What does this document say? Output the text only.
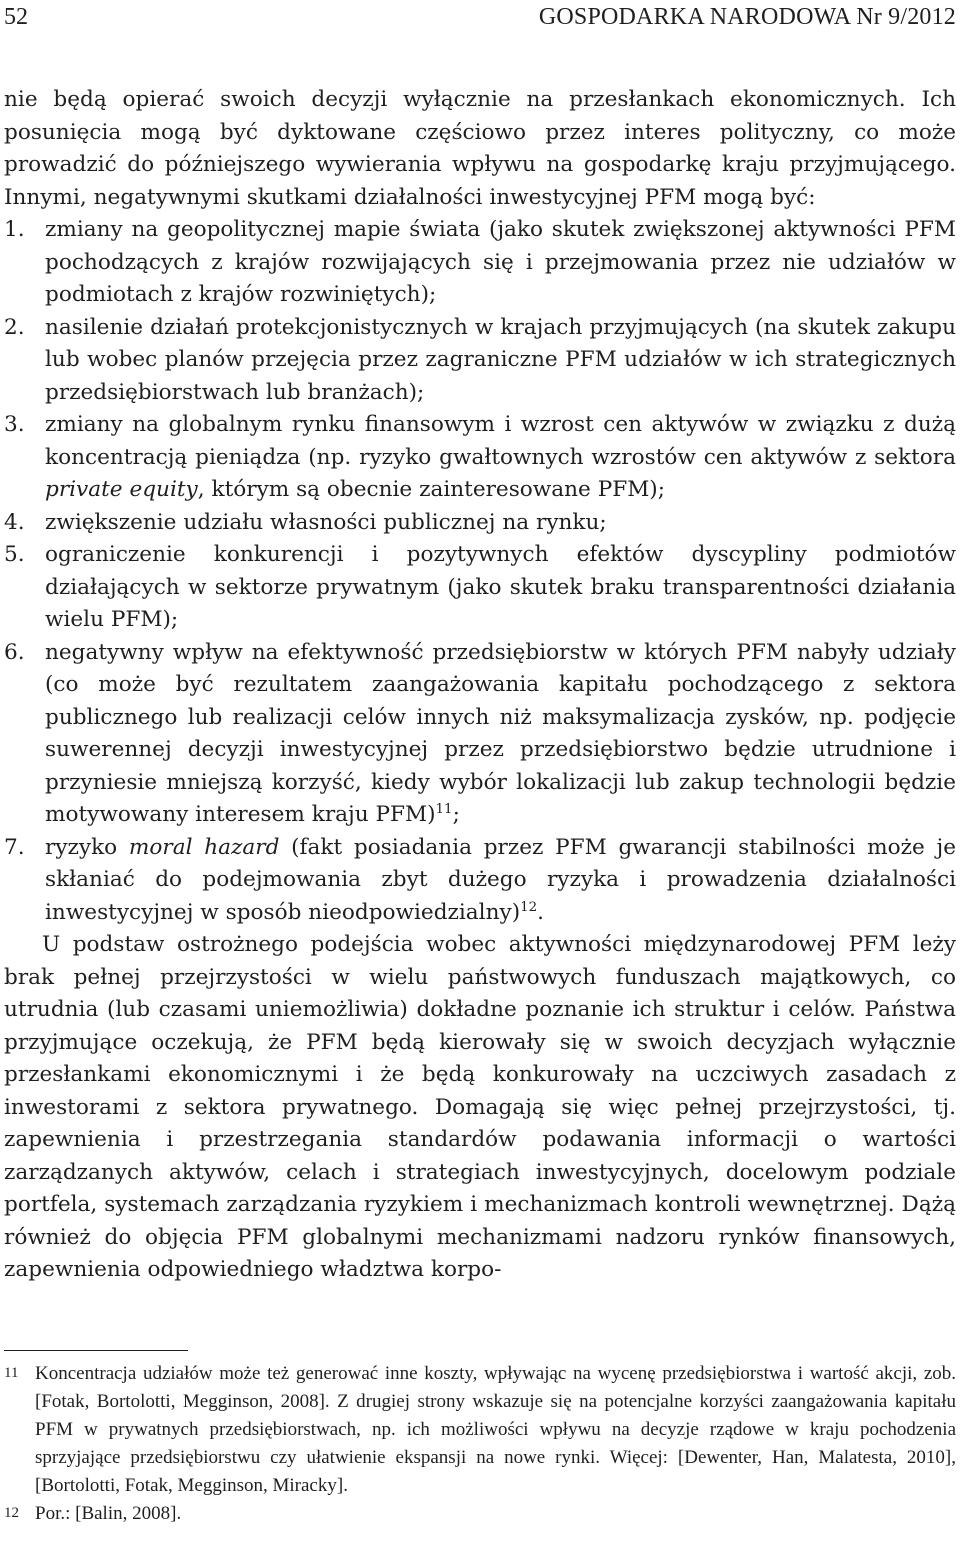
52	GOSPODARKA NARODOWA Nr 9/2012

nie będą opierać swoich decyzji wyłącznie na przesłankach ekonomicznych. Ich posunięcia mogą być dyktowane częściowo przez interes polityczny, co może prowadzić do późniejszego wywierania wpływu na gospodarkę kraju przyjmującego. Innymi, negatywnymi skutkami działalności inwestycyjnej PFM mogą być:

1. zmiany na geopolitycznej mapie świata (jako skutek zwiększonej aktywności PFM pochodzących z krajów rozwijających się i przejmowania przez nie udziałów w podmiotach z krajów rozwiniętych);
2. nasilenie działań protekcjonistycznych w krajach przyjmujących (na skutek zakupu lub wobec planów przejęcia przez zagraniczne PFM udziałów w ich strategicznych przedsiębiorstwach lub branżach);
3. zmiany na globalnym rynku finansowym i wzrost cen aktywów w związku z dużą koncentracją pieniądza (np. ryzyko gwałtownych wzrostów cen aktywów z sektora private equity, którym są obecnie zainteresowane PFM);
4. zwiększenie udziału własności publicznej na rynku;
5. ograniczenie konkurencji i pozytywnych efektów dyscypliny podmiotów działających w sektorze prywatnym (jako skutek braku transparentności działania wielu PFM);
6. negatywny wpływ na efektywność przedsiębiorstw w których PFM nabyły udziały (co może być rezultatem zaangażowania kapitału pochodzącego z sektora publicznego lub realizacji celów innych niż maksymalizacja zysków, np. podjęcie suwerennej decyzji inwestycyjnej przez przedsiębiorstwo będzie utrudnione i przyniesie mniejszą korzyść, kiedy wybór lokalizacji lub zakup technologii będzie motywowany interesem kraju PFM)$^{11}$;
7. ryzyko moral hazard (fakt posiadania przez PFM gwarancji stabilności może je skłaniać do podejmowania zbyt dużego ryzyka i prowadzenia działalności inwestycyjnej w sposób nieodpowiedzialny)$^{12}$.

U podstaw ostrożnego podejścia wobec aktywności międzynarodowej PFM leży brak pełnej przejrzystości w wielu państwowych funduszach majątkowych, co utrudnia (lub czasami uniemożliwia) dokładne poznanie ich struktur i celów. Państwa przyjmujące oczekują, że PFM będą kierowały się w swoich decyzjach wyłącznie przesłankami ekonomicznymi i że będą konkurowały na uczciwych zasadach z inwestorami z sektora prywatnego. Domagają się więc pełnej przejrzystości, tj. zapewnienia i przestrzegania standardów podawania informacji o wartości zarządzanych aktywów, celach i strategiach inwestycyjnych, docelowym podziale portfela, systemach zarządzania ryzykiem i mechanizmach kontroli wewnętrznej. Dążą również do objęcia PFM globalnymi mechanizmami nadzoru rynków finansowych, zapewnienia odpowiedniego władztwa korpo-

11 Koncentracja udziałów może też generować inne koszty, wpływając na wycenę przedsiębiorstwa i wartość akcji, zob. [Fotak, Bortolotti, Megginson, 2008]. Z drugiej strony wskazuje się na potencjalne korzyści zaangażowania kapitału PFM w prywatnych przedsiębiorstwach, np. ich możliwości wpływu na decyzje rządowe w kraju pochodzenia sprzyjające przedsiębiorstwu czy ułatwienie ekspansji na nowe rynki. Więcej: [Dewenter, Han, Malatesta, 2010], [Bortolotti, Fotak, Megginson, Miracky].
12 Por.: [Balin, 2008].
